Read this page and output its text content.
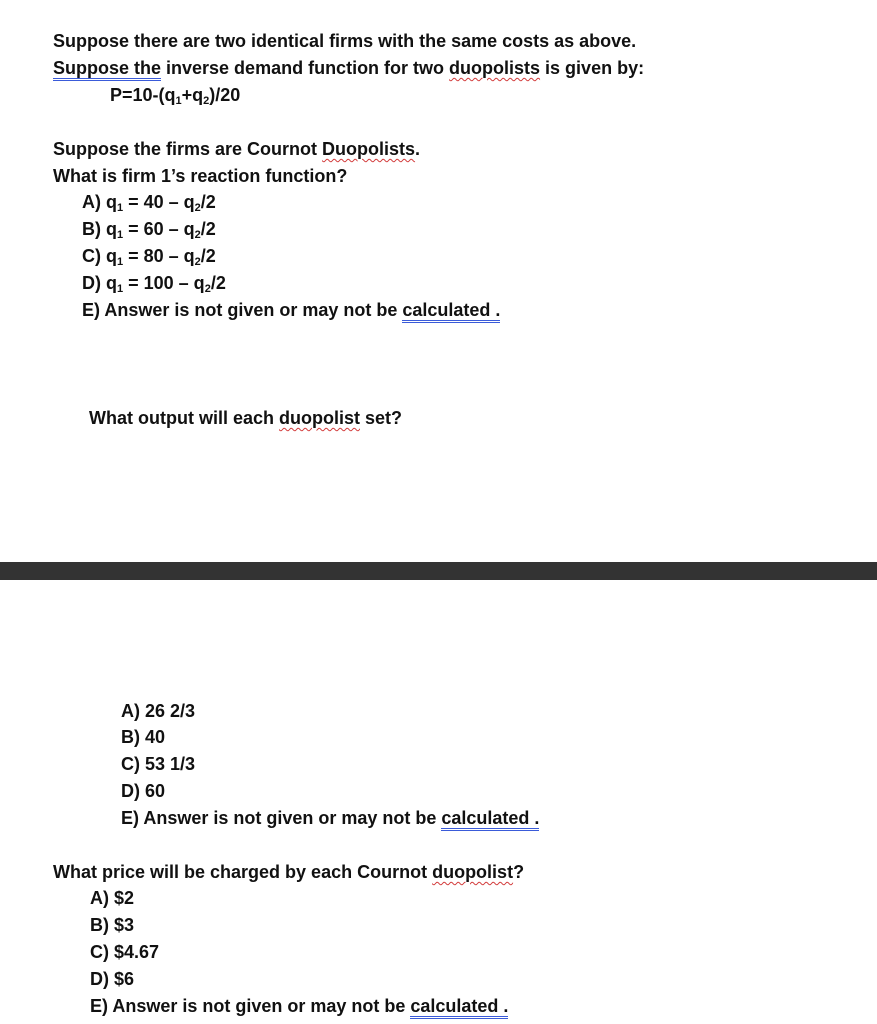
Suppose there are two identical firms with the same costs as above.
Suppose the inverse demand function for two duopolists is given by:
$P=10-(q_1+q_2)/20$
Suppose the firms are Cournot Duopolists.
What is firm 1’s reaction function?
A) $q_1 = 40 - q_2/2$
B) $q_1 = 60 - q_2/2$
C) $q_1 = 80 - q_2/2$
D) $q_1 = 100 - q_2/2$
E) Answer is not given or may not be calculated .
What output will each duopolist set?
A) 26 2/3
B) 40
C) 53 1/3
D) 60
E) Answer is not given or may not be calculated .
What price will be charged by each Cournot duopolist?
A) $2
B) $3
C) $4.67
D) $6
E) Answer is not given or may not be calculated .
